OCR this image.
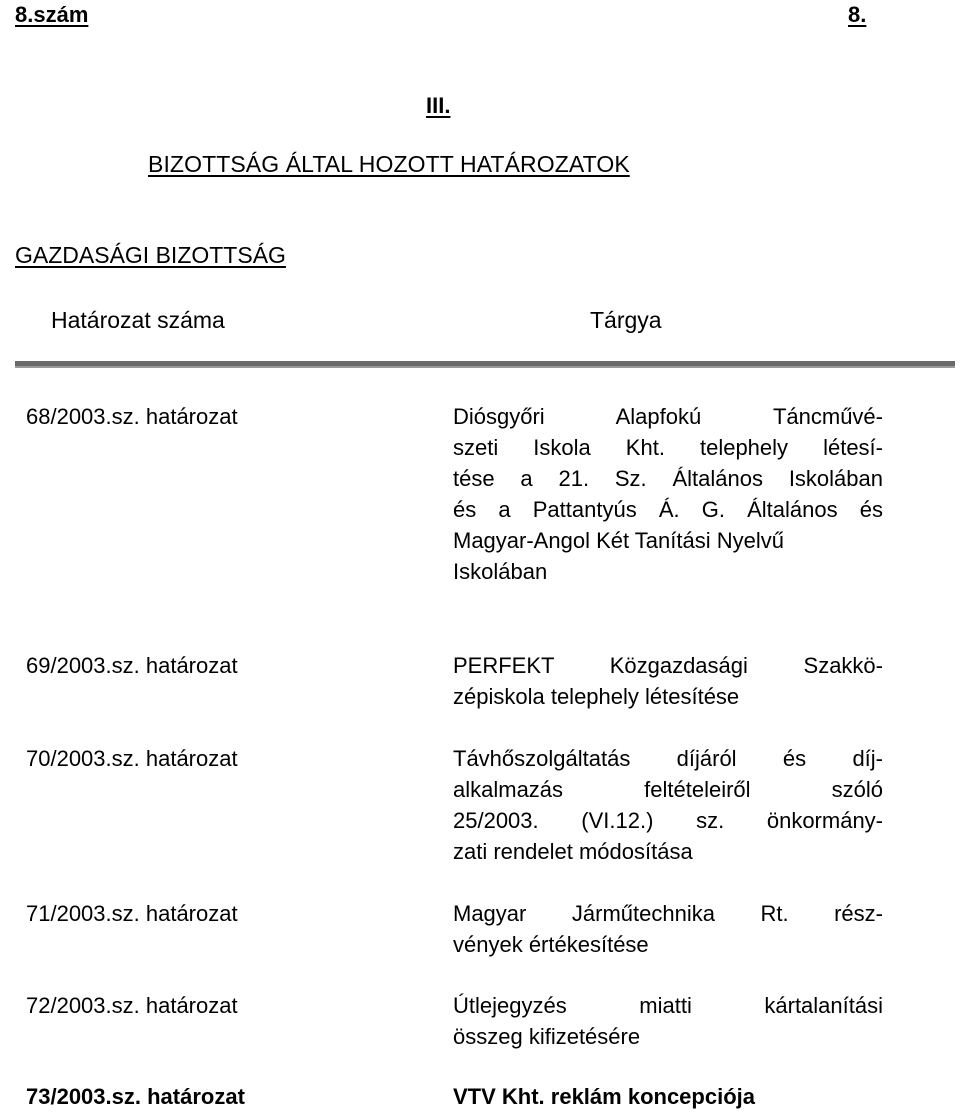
8.szám	8.
III.
BIZOTTSÁG ÁLTAL HOZOTT HATÁROZATOK
GAZDASÁGI BIZOTTSÁG
Határozat száma	Tárgya
68/2003.sz. határozat	Diósgyőri Alapfokú Táncművé-
szeti Iskola Kht. telephely létesí-
tése a 21. Sz. Általános Iskolában
és a Pattantyús Á. G. Általános és
Magyar-Angol Két Tanítási Nyelvű
Iskolában
69/2003.sz. határozat	PERFEKT Közgazdasági Szakkö-
zépiskola telephely létesítése
70/2003.sz. határozat	Távhőszolgáltatás díjáról és díj-
alkalmazás feltételeiről szóló
25/2003. (VI.12.) sz. önkormány-
zati rendelet módosítása
71/2003.sz. határozat	Magyar Járműtechnika Rt. rész-
vények értékesítése
72/2003.sz. határozat	Útlejegyzés miatti kártalanítási
összeg kifizetésére
73/2003.sz. határozat	VTV Kht. reklám koncepciója
